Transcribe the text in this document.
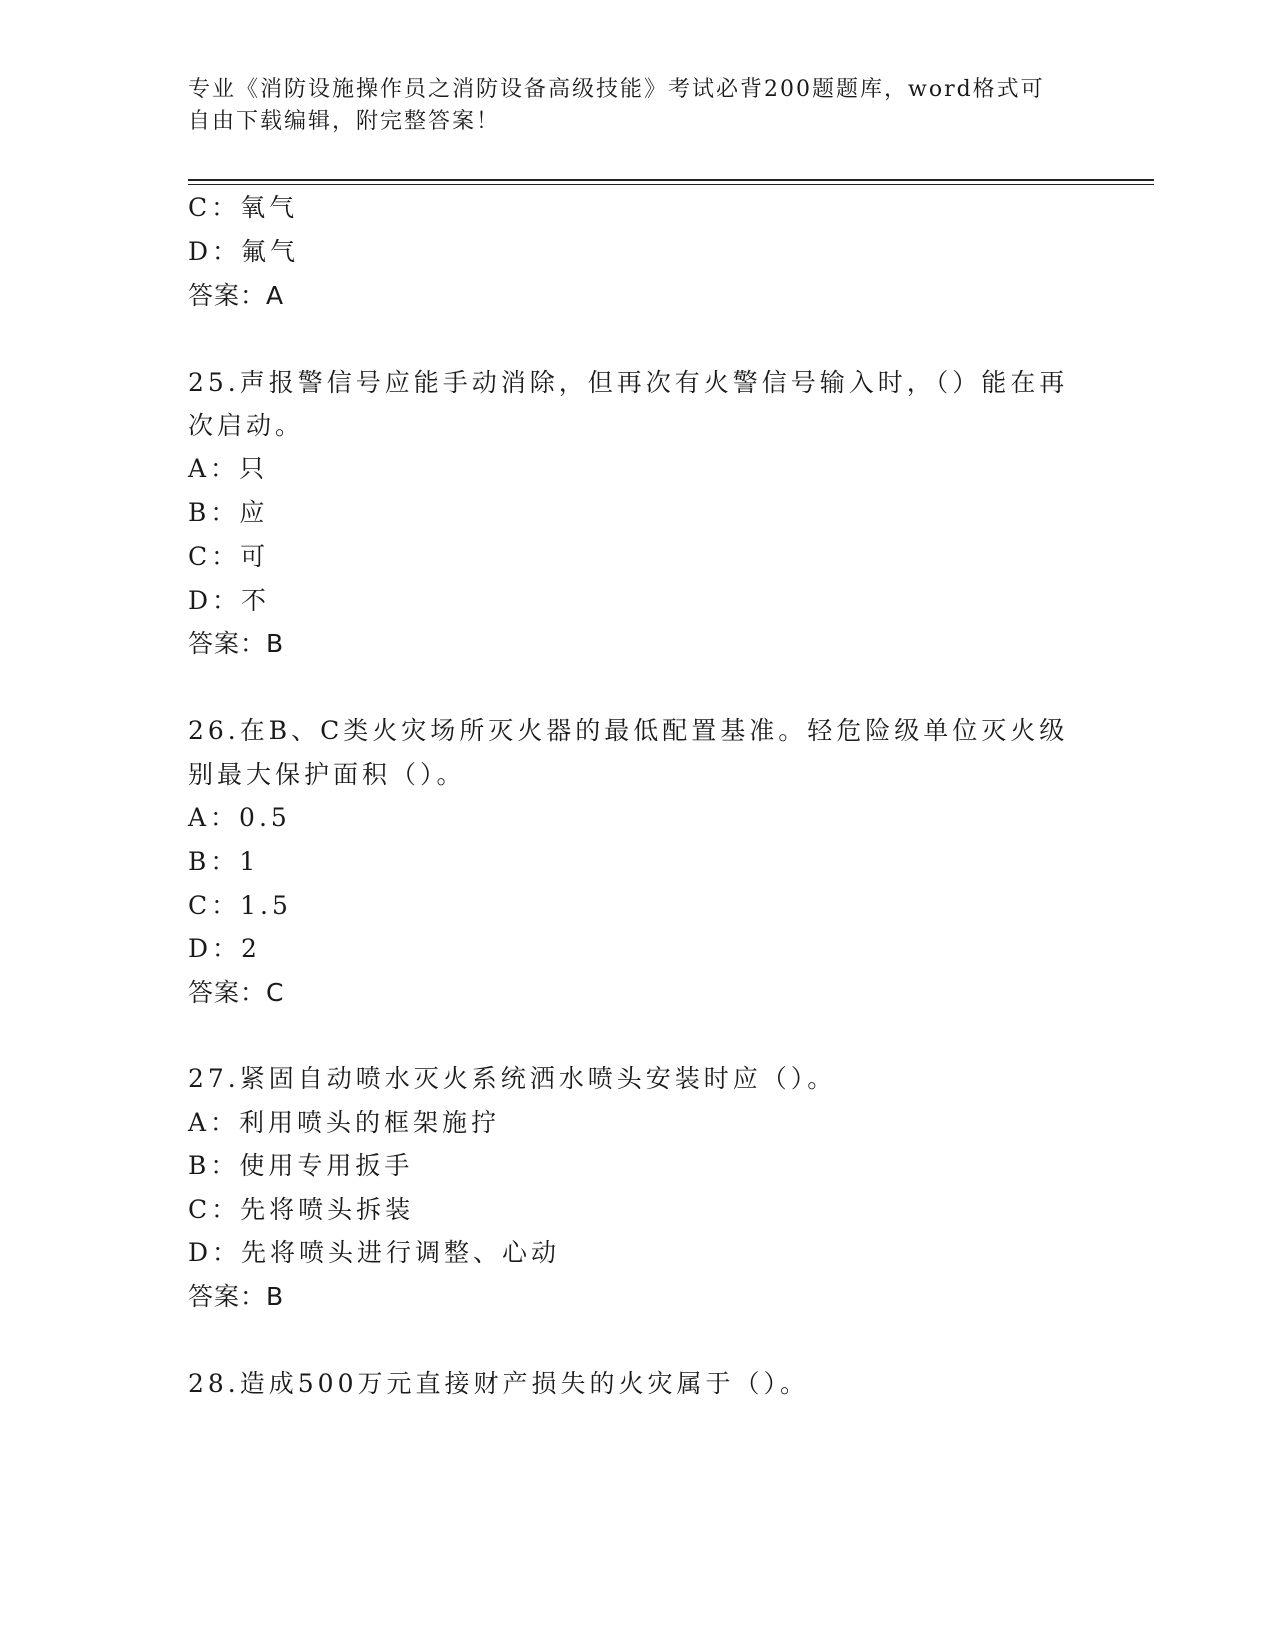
专业《消防设施操作员之消防设备高级技能》考试必背200题题库，word格式可
自由下载编辑，附完整答案！
C：氧气
D：氟气
答案：A
25.声报警信号应能手动消除，但再次有火警信号输入时，（）能在再
次启动。
A：只
B：应
C：可
D：不
答案：B
26.在B、C类火灾场所灭火器的最低配置基准。轻危险级单位灭火级
别最大保护面积（）。
A：0.5
B：1
C：1.5
D：2
答案：C
27.紧固自动喷水灭火系统洒水喷头安装时应（）。
A：利用喷头的框架施拧
B：使用专用扳手
C：先将喷头拆装
D：先将喷头进行调整、心动
答案：B
28.造成500万元直接财产损失的火灾属于（）。
